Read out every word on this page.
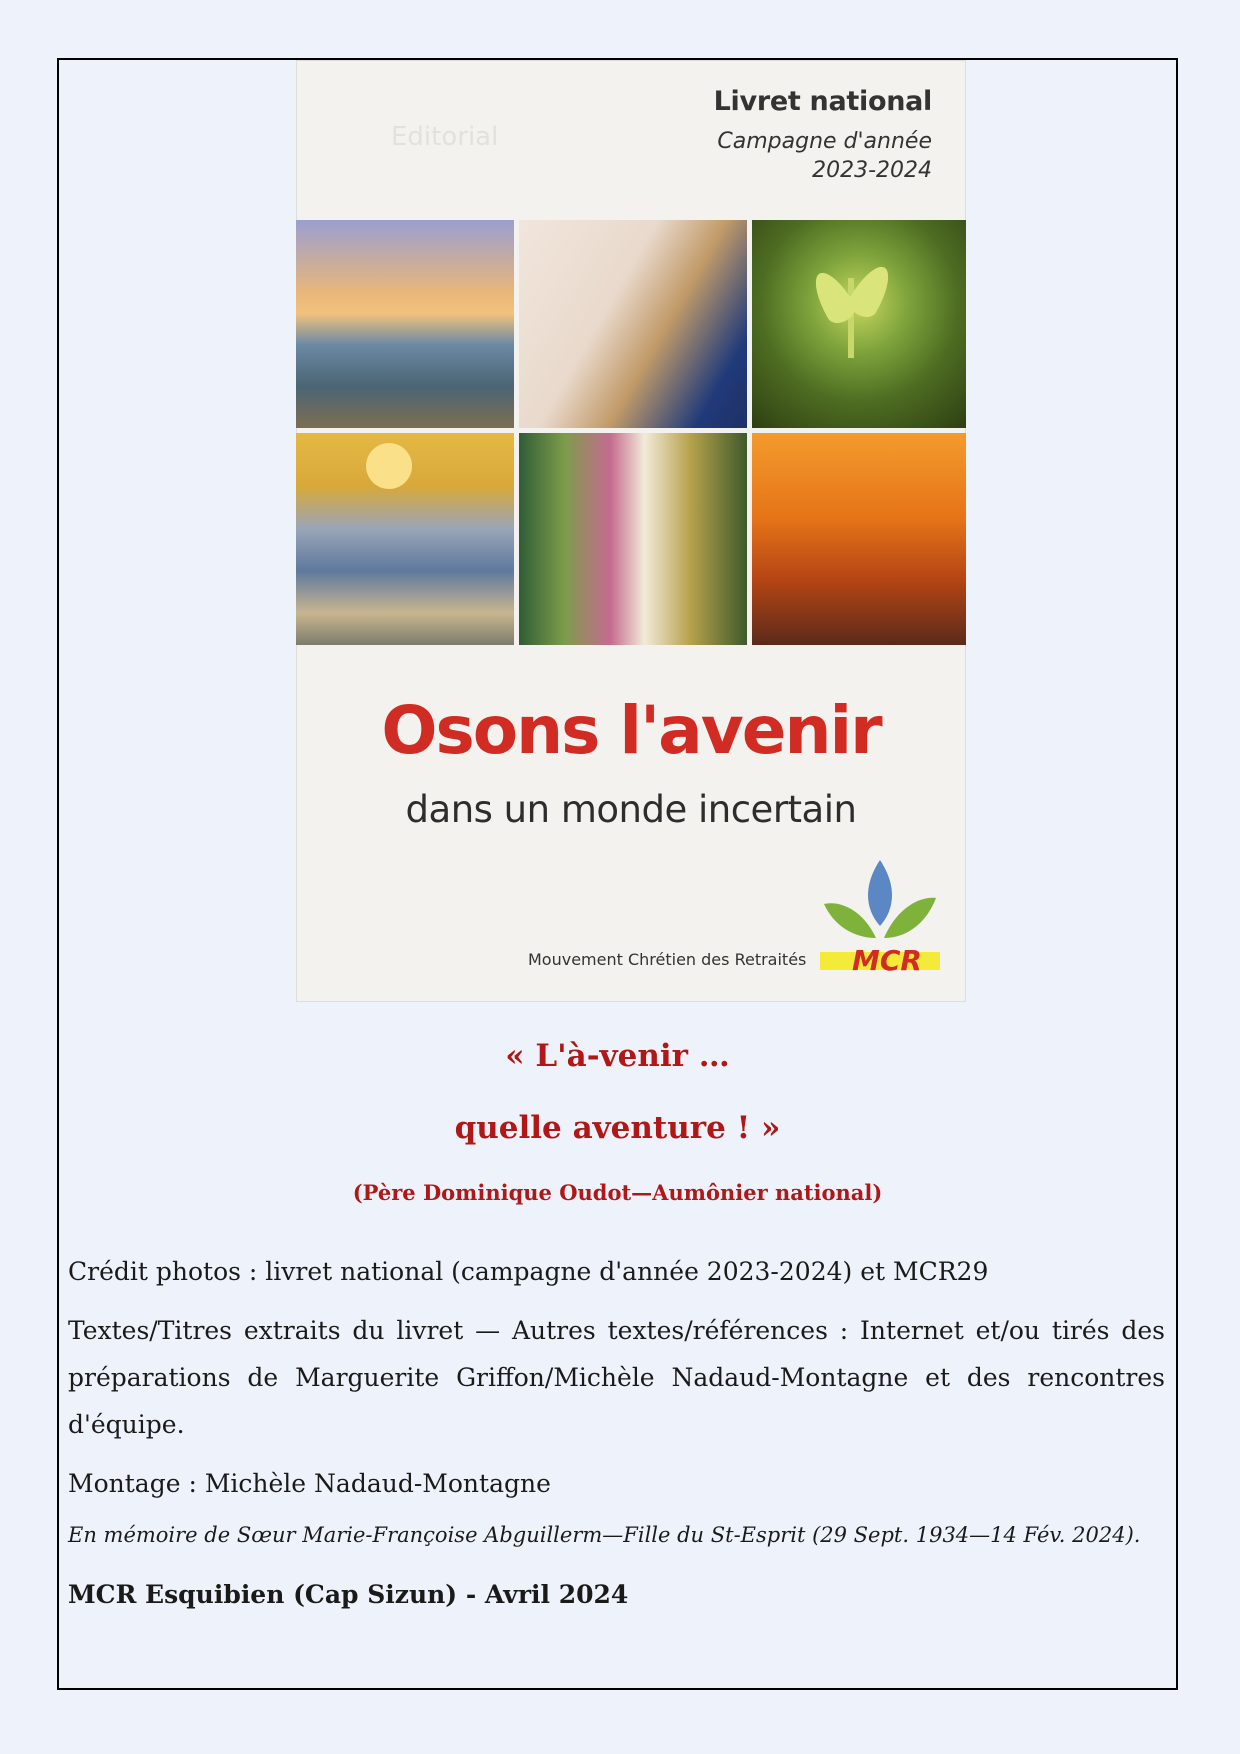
Editorial
Livret national
Campagne d'année
2023-2024
Osons l'avenir
dans un monde incertain
MCR
Mouvement Chrétien des Retraités
« L'à-venir …
quelle aventure ! »
(Père Dominique Oudot—Aumônier national)
Crédit photos : livret national (campagne d'année 2023-2024) et MCR29
Textes/Titres extraits du livret — Autres textes/références : Internet et/ou tirés des préparations de Marguerite Griffon/Michèle Nadaud-Montagne et des rencontres d'équipe.
Montage : Michèle Nadaud-Montagne
En mémoire de Sœur Marie-Françoise Abguillerm—Fille du St-Esprit (29 Sept. 1934—14 Fév. 2024).
MCR Esquibien (Cap Sizun) - Avril 2024
